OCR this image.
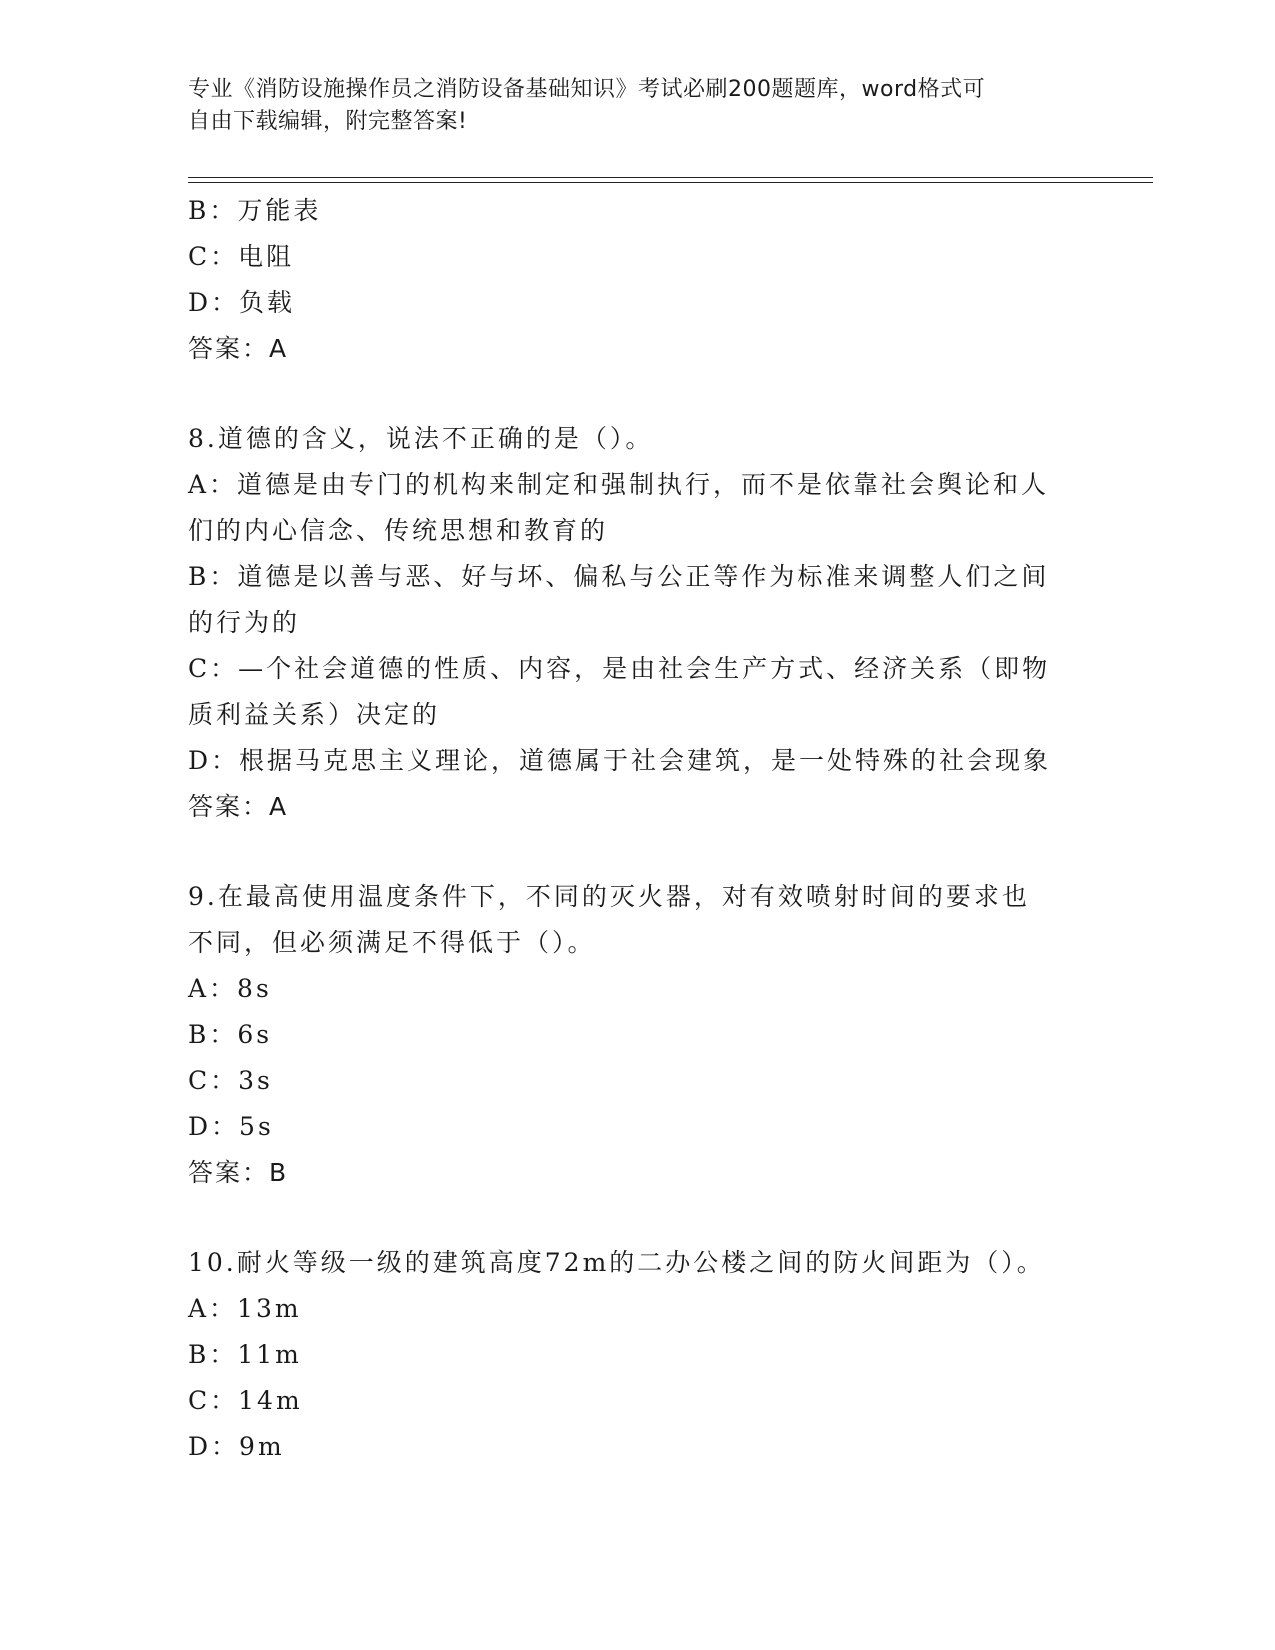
专业《消防设施操作员之消防设备基础知识》考试必刷200题题库，word格式可
自由下载编辑，附完整答案!
B：万能表
C：电阻
D：负载
答案：A
8.道德的含义，说法不正确的是（）。
A：道德是由专门的机构来制定和强制执行，而不是依靠社会舆论和人
们的内心信念、传统思想和教育的
B：道德是以善与恶、好与坏、偏私与公正等作为标准来调整人们之间
的行为的
C：—个社会道德的性质、内容，是由社会生产方式、经济关系（即物
质利益关系）决定的
D：根据马克思主义理论，道德属于社会建筑，是一处特殊的社会现象
答案：A
9.在最高使用温度条件下，不同的灭火器，对有效喷射时间的要求也
不同，但必须满足不得低于（）。
A：8s
B：6s
C：3s
D：5s
答案：B
10.耐火等级一级的建筑高度72m的二办公楼之间的防火间距为（）。
A：13m
B：11m
C：14m
D：9m
